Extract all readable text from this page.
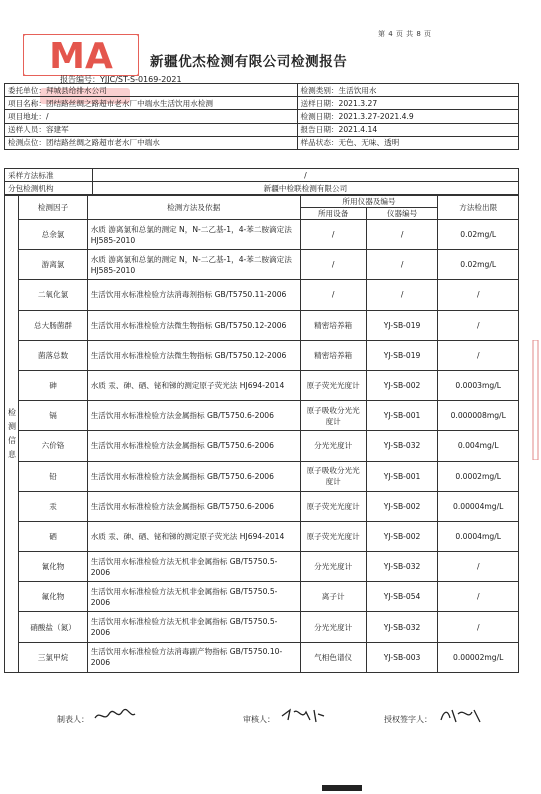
第 4 页 共 8 页
MA	新疆优杰检测有限公司检测报告
报告编号：YJJC/ST-S-0169-2021
委托单位：拜城县给排水公司	检测类别：生活饮用水
项目名称：团结路丝绸之路超市老水厂中端水生活饮用水检测	送样日期：2021.3.27
项目地址：/	检测日期：2021.3.27-2021.4.9
送样人员：容建军	报告日期：2021.4.14
检测点位：团结路丝绸之路超市老水厂中端水	样品状态：无色、无味、透明
采样方法标准	/
分包检测机构	新疆中检联检测有限公司
检
测
信
息	检测因子	检测方法及依据	所用仪器及编号		方法检出限
			所用设备	仪器编号	
	总余氯	水质 游离氯和总氯的测定 N，N-二乙基-1，4-苯二胺滴定法 HJ585-2010	/	/	0.02mg/L
	游离氯	水质 游离氯和总氯的测定 N，N-二乙基-1，4-苯二胺滴定法 HJ585-2010	/	/	0.02mg/L
	二氧化氯	生活饮用水标准检验方法消毒剂指标 GB/T5750.11-2006	/	/	/
	总大肠菌群	生活饮用水标准检验方法微生物指标 GB/T5750.12-2006	精密培养箱	YJ-SB-019	/
	菌落总数	生活饮用水标准检验方法微生物指标 GB/T5750.12-2006	精密培养箱	YJ-SB-019	/
	砷	水质 汞、砷、硒、铋和锑的测定原子荧光法 HJ694-2014	原子荧光光度计	YJ-SB-002	0.0003mg/L
	镉	生活饮用水标准检验方法金属指标 GB/T5750.6-2006	原子吸收分光光度计	YJ-SB-001	0.000008mg/L
	六价铬	生活饮用水标准检验方法金属指标 GB/T5750.6-2006	分光光度计	YJ-SB-032	0.004mg/L
	铅	生活饮用水标准检验方法金属指标 GB/T5750.6-2006	原子吸收分光光度计	YJ-SB-001	0.0002mg/L
	汞	生活饮用水标准检验方法金属指标 GB/T5750.6-2006	原子荧光光度计	YJ-SB-002	0.00004mg/L
	硒	水质 汞、砷、硒、铋和锑的测定原子荧光法 HJ694-2014	原子荧光光度计	YJ-SB-002	0.0004mg/L
	氰化物	生活饮用水标准检验方法无机非金属指标 GB/T5750.5-2006	分光光度计	YJ-SB-032	/
	氟化物	生活饮用水标准检验方法无机非金属指标 GB/T5750.5-2006	离子计	YJ-SB-054	/
	硝酸盐（氮）	生活饮用水标准检验方法无机非金属指标 GB/T5750.5-2006	分光光度计	YJ-SB-032	/
	三氯甲烷	生活饮用水标准检验方法消毒副产物指标 GB/T5750.10-2006	气相色谱仪	YJ-SB-003	0.00002mg/L
制表人：	审核人：	授权签字人：
